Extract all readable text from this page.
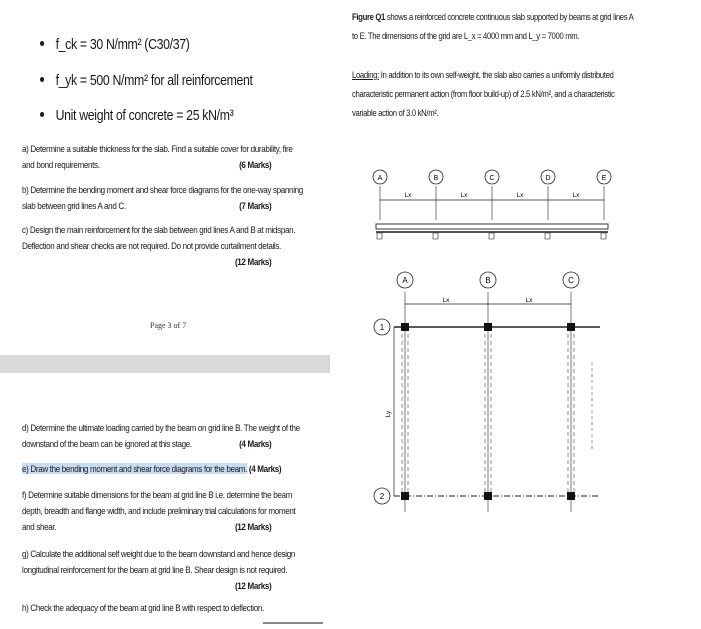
f_ck = 30 N/mm² (C30/37)
f_yk = 500 N/mm² for all reinforcement
Unit weight of concrete = 25 kN/m³
a) Determine a suitable thickness for the slab. Find a suitable cover for durability, fire
and bond requirements.	(6 Marks)
b) Determine the bending moment and shear force diagrams for the one-way spanning
slab between grid lines A and C.	(7 Marks)
c) Design the main reinforcement for the slab between grid lines A and B at midspan.
Deflection and shear checks are not required. Do not provide curtailment details.
(12 Marks)
Page 3 of 7
d) Determine the ultimate loading carried by the beam on grid line B. The weight of the
downstand of the beam can be ignored at this stage.	(4 Marks)
e) Draw the bending moment and shear force diagrams for the beam. (4 Marks)
f) Determine suitable dimensions for the beam at grid line B i.e. determine the beam
depth, breadth and flange width, and include preliminary trial calculations for moment
and shear.	(12 Marks)
g) Calculate the additional self weight due to the beam downstand and hence design
longitudinal reinforcement for the beam at grid line B. Shear design is not required.
(12 Marks)
h) Check the adequacy of the beam at grid line B with respect to deflection.
Figure Q1 shows a reinforced concrete continuous slab supported by beams at grid lines A
to E. The dimensions of the grid are L_x = 4000 mm and L_y = 7000 mm.
Loading: In addition to its own self-weight, the slab also carries a uniformly distributed
characteristic permanent action (from floor build-up) of 2.5 kN/m², and a characteristic
variable action of 3.0 kN/m².
A	B	C	D	E
Lx	Lx	Lx	Lx
A	B	C
Lx	Lx
1
2
Ly
